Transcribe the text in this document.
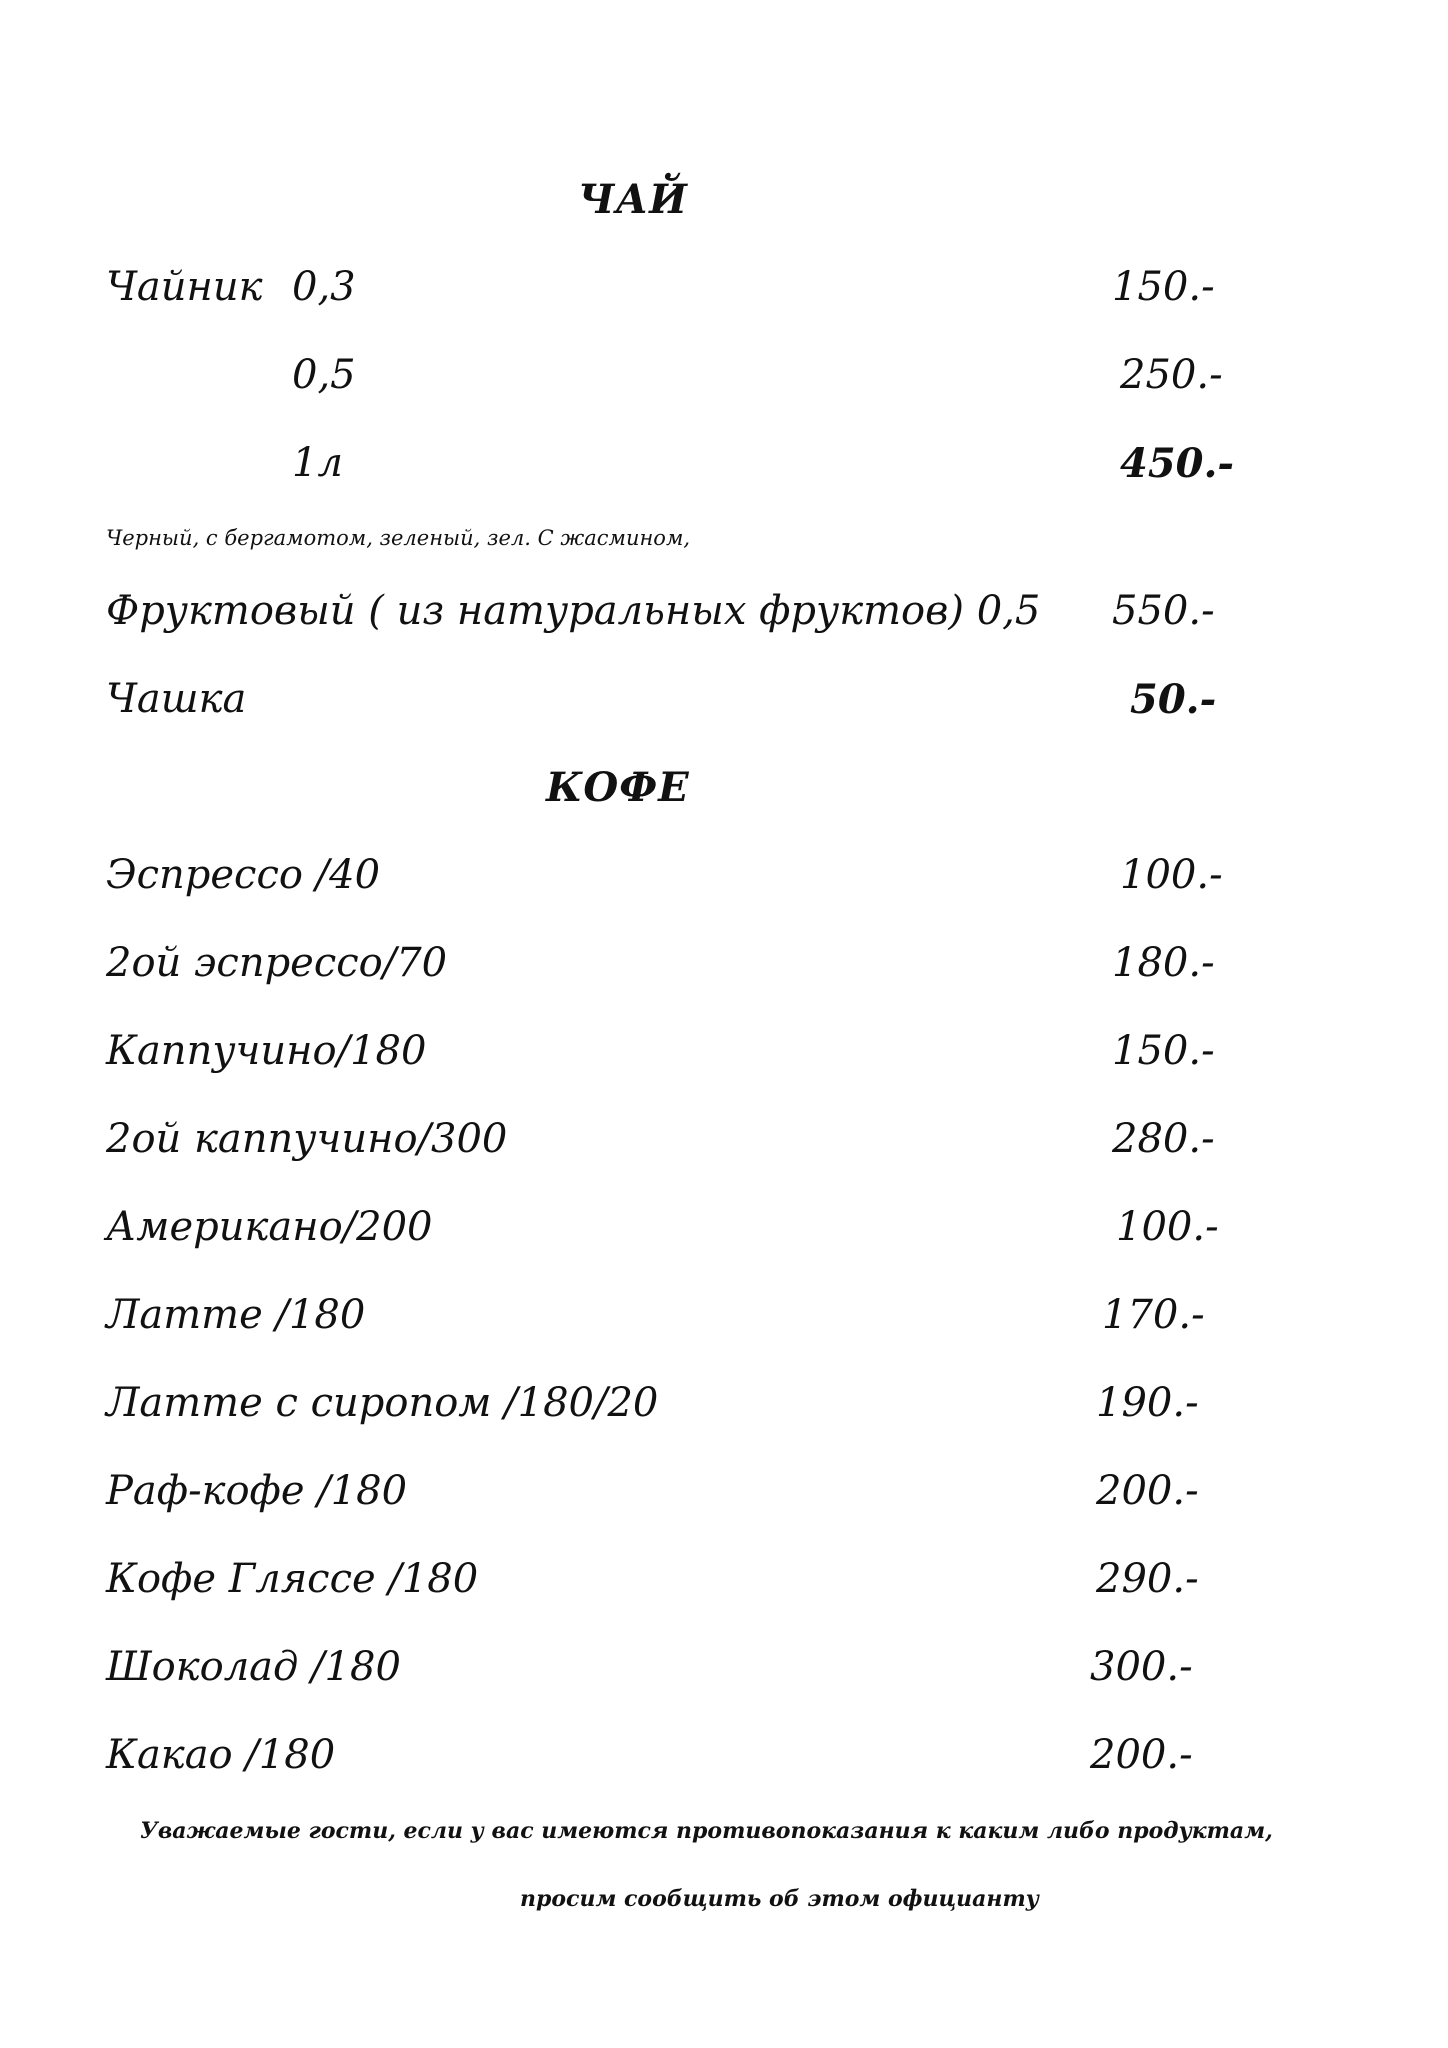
ЧАЙ
Чайник 0,3	150.-
0,5	250.-
1л	450.-
Черный, с бергамотом, зеленый, зел. С жасмином,
Фруктовый ( из натуральных фруктов) 0,5 550.-
Чашка	50.-
КОФЕ
Эспрессо /40	100.-
2ой эспрессо/70	180.-
Каппучино/180	150.-
2ой каппучино/300	280.-
Американо/200	100.-
Латте /180	170.-
Латте с сиропом /180/20	190.-
Раф-кофе /180	200.-
Кофе Гляссе /180	290.-
Шоколад /180	300.-
Какао /180	200.-
Уважаемые гости, если у вас имеются противопоказания к каким либо продуктам,
просим сообщить об этом официанту
